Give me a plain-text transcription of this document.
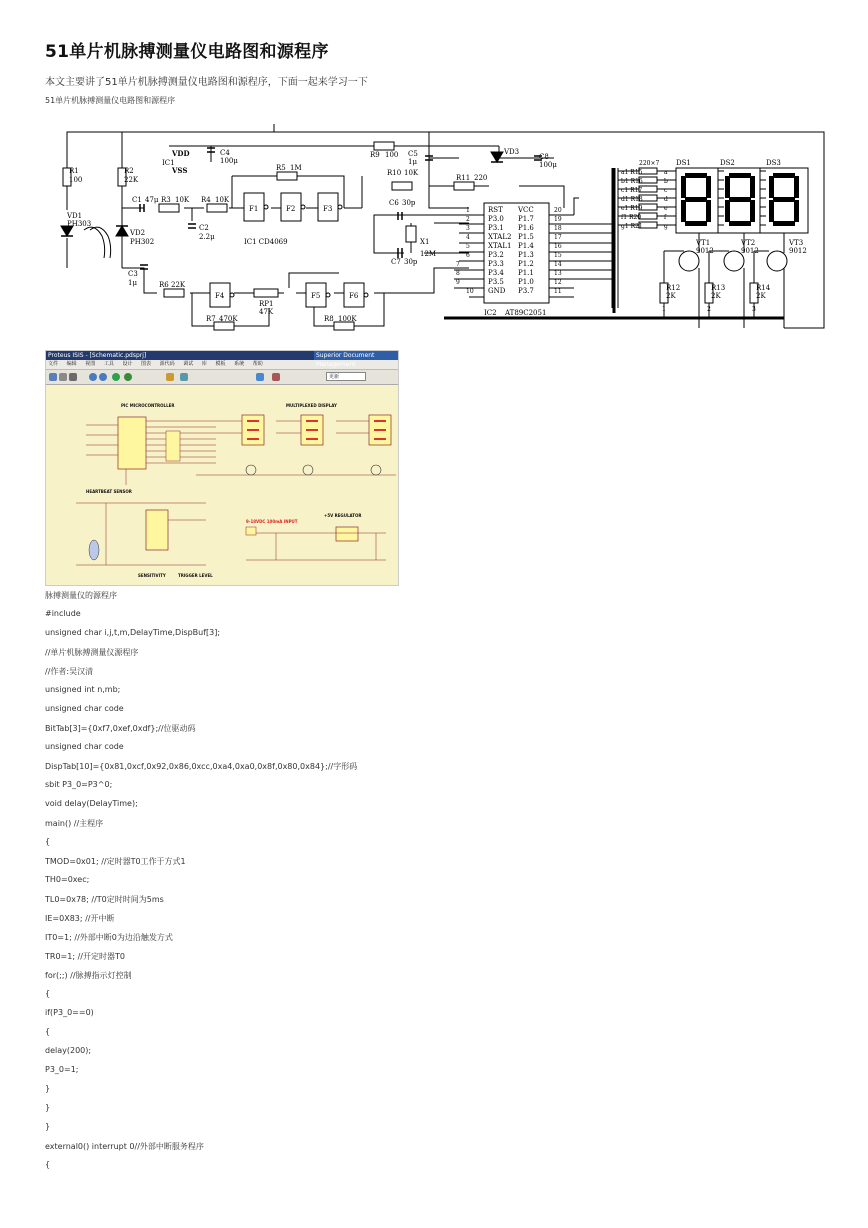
51单片机脉搏测量仪电路图和源程序
本文主要讲了51单片机脉搏测量仪电路图和源程序，下面一起来学习一下
51单片机脉搏测量仪电路图和源程序
R1
100
R2
22K
VDD
IC1
VSS
C4
100μ
R9 100 C5
1μ
VD3
C8
100μ
R5 1M
R10 10K
R11 220
C1 47μ R3 10K R4 10K
F1	F2	F3
C2
2.2μ
IC1 CD4069
VD1
PH303
VD2
PH302
C3
1μ	R6 22K
F4	F5	F6
RP1
47K
R7 470K	R8 100K
C6 30p
X1
12M
C7 30p
IC2 AT89C2051
RST
P3.0
P3.1
XTAL2
XTAL1
P3.2
P3.3
P3.4
P3.5
GND
VCC
P1.7
P1.6
P1.5
P1.4
P1.3
P1.2
P1.1
P1.0
P3.7
1
2
3
4
5
6
7
8
9
10
20
19
18
17
16
15
14
13
12
11
a1 R15
b1 R16
c1 R17
d1 R18
e1 R19
f1 R20
g1 R21
220×7
a
b
c
d
e
f
g
DS1	DS2	DS3
VT1
9012
VT2
9012
VT3
9012
R12
2K
R13
2K
R14
2K
1	2	3
Proteus ISIS - [Schematic.pdsprj]	Superior Document Management
文件 编辑 视图 工具 设计 图表 源代码 调试 库 模板 系统 帮助
更新
PIC MICROCONTROLLER	MULTIPLEXED DISPLAY
HEARTBEAT SENSOR
SENSITIVITY	TRIGGER LEVEL
9-18VDC 100mA INPUT
+5V REGULATOR
脉搏测量仪的源程序
#include
unsigned char i,j,t,m,DelayTime,DispBuf[3];
//单片机脉搏测量仪源程序
//作者:吴汉清
unsigned int n,mb;
unsigned char code
BitTab[3]={0xf7,0xef,0xdf};//位驱动码
unsigned char code
DispTab[10]={0x81,0xcf,0x92,0x86,0xcc,0xa4,0xa0,0x8f,0x80,0x84};//字形码
sbit P3_0=P3^0;
void delay(DelayTime);
main() //主程序
{
TMOD=0x01; //定时器T0工作于方式1
TH0=0xec;
TL0=0x78; //T0定时时间为5ms
IE=0X83; //开中断
IT0=1; //外部中断0为边沿触发方式
TR0=1; //开定时器T0
for(;;) //脉搏指示灯控制
{
if(P3_0==0)
{
delay(200);
P3_0=1;
}
}
}
external0() interrupt 0//外部中断服务程序
{
